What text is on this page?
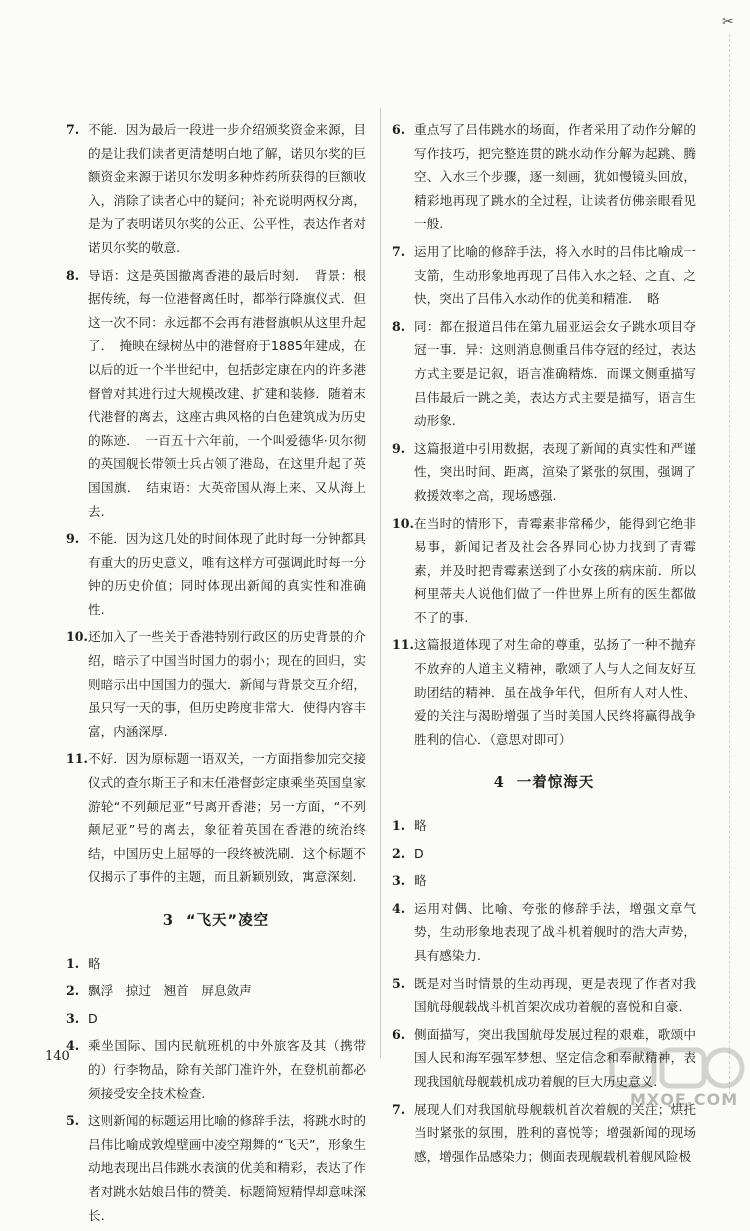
✂
7. 不能．因为最后一段进一步介绍颁奖资金来源，目的是让我们读者更清楚明白地了解，诺贝尔奖的巨额资金来源于诺贝尔发明多种炸药所获得的巨额收入，消除了读者心中的疑问；补充说明两权分离，是为了表明诺贝尔奖的公正、公平性，表达作者对诺贝尔奖的敬意.
8. 导语：这是英国撤离香港的最后时刻．　背景：根据传统，每一位港督离任时，都举行降旗仪式．但这一次不同：永远都不会再有港督旗帜从这里升起了．　掩映在绿树丛中的港督府于1885年建成，在以后的近一个半世纪中，包括彭定康在内的许多港督曾对其进行过大规模改建、扩建和装修．随着末代港督的离去，这座古典风格的白色建筑成为历史的陈迹．　一百五十六年前，一个叫爱德华·贝尔彻的英国舰长带领士兵占领了港岛，在这里升起了英国国旗．　结束语：大英帝国从海上来、又从海上去.
9. 不能．因为这几处的时间体现了此时每一分钟都具有重大的历史意义，唯有这样方可强调此时每一分钟的历史价值；同时体现出新闻的真实性和准确性.
10. 还加入了一些关于香港特别行政区的历史背景的介绍，暗示了中国当时国力的弱小；现在的回归，实则暗示出中国国力的强大．新闻与背景交互介绍，虽只写一天的事，但历史跨度非常大．使得内容丰富，内涵深厚.
11. 不好．因为原标题一语双关，一方面指参加完交接仪式的查尔斯王子和末任港督彭定康乘坐英国皇家游轮“不列颠尼亚”号离开香港；另一方面，“不列颠尼亚”号的离去，象征着英国在香港的统治终结，中国历史上屈辱的一段终被洗刷．这个标题不仅揭示了事件的主题，而且新颖别致，寓意深刻.
3 “飞天”凌空
1. 略
2. 飘浮　掠过　翘首　屏息敛声
3. D
4. 乘坐国际、国内民航班机的中外旅客及其（携带的）行李物品，除有关部门准许外，在登机前都必须接受安全技术检查.
5. 这则新闻的标题运用比喻的修辞手法，将跳水时的吕伟比喻成敦煌壁画中凌空翔舞的“飞天”，形象生动地表现出吕伟跳水表演的优美和精彩，表达了作者对跳水姑娘吕伟的赞美．标题简短精悍却意味深长.
6. 重点写了吕伟跳水的场面，作者采用了动作分解的写作技巧，把完整连贯的跳水动作分解为起跳、腾空、入水三个步骤，逐一刻画，犹如慢镜头回放，精彩地再现了跳水的全过程，让读者仿佛亲眼看见一般.
7. 运用了比喻的修辞手法，将入水时的吕伟比喻成一支箭，生动形象地再现了吕伟入水之轻、之直、之快，突出了吕伟入水动作的优美和精准．　略
8. 同：都在报道吕伟在第九届亚运会女子跳水项目夺冠一事．异：这则消息侧重吕伟夺冠的经过，表达方式主要是记叙，语言准确精炼．而课文侧重描写吕伟最后一跳之美，表达方式主要是描写，语言生动形象.
9. 这篇报道中引用数据，表现了新闻的真实性和严谨性，突出时间、距离，渲染了紧张的氛围，强调了救援效率之高，现场感强.
10. 在当时的情形下，青霉素非常稀少，能得到它绝非易事，新闻记者及社会各界同心协力找到了青霉素，并及时把青霉素送到了小女孩的病床前．所以柯里蒂夫人说他们做了一件世界上所有的医生都做不了的事.
11. 这篇报道体现了对生命的尊重，弘扬了一种不抛弃不放弃的人道主义精神，歌颂了人与人之间友好互助团结的精神．虽在战争年代，但所有人对人性、爱的关注与渴盼增强了当时美国人民终将赢得战争胜利的信心．（意思对即可）
4 一着惊海天
1. 略
2. D
3. 略
4. 运用对偶、比喻、夸张的修辞手法，增强文章气势，生动形象地表现了战斗机着舰时的浩大声势，具有感染力.
5. 既是对当时情景的生动再现，更是表现了作者对我国航母舰载战斗机首架次成功着舰的喜悦和自豪.
6. 侧面描写，突出我国航母发展过程的艰难，歌颂中国人民和海军强军梦想、坚定信念和奉献精神，表现我国航母舰载机成功着舰的巨大历史意义.
7. 展现人们对我国航母舰载机首次着舰的关注；烘托当时紧张的氛围，胜利的喜悦等；增强新闻的现场感，增强作品感染力；侧面表现舰载机着舰风险极
140
MXQE.COM
